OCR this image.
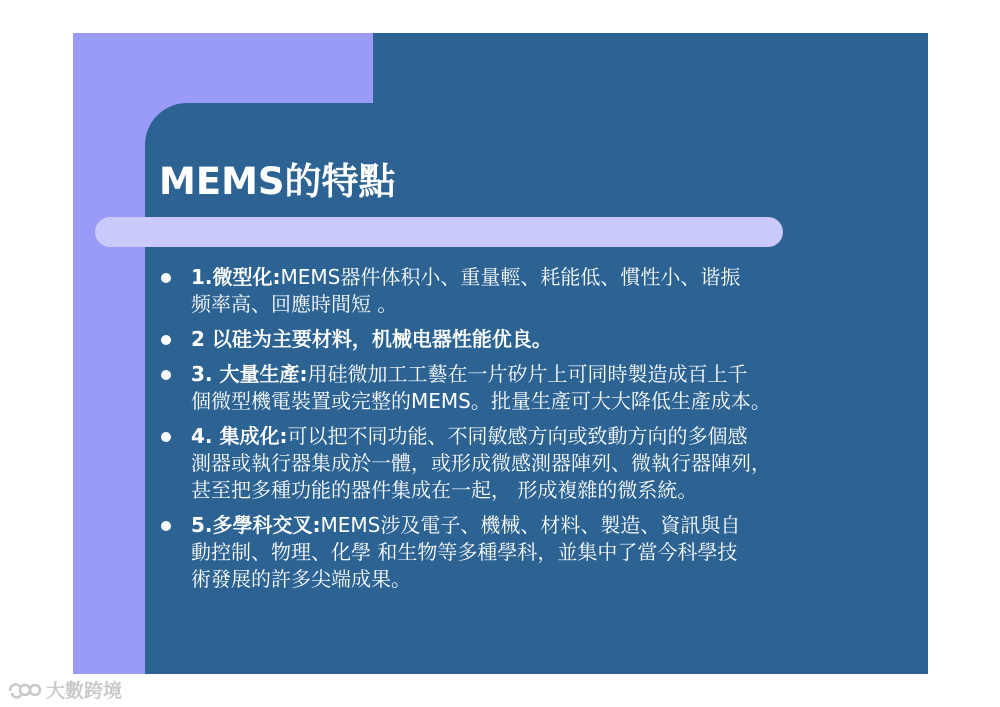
MEMS的特點
1.微型化:MEMS器件体积小、重量輕、耗能低、慣性小、谐振
频率高、回應時間短 。
2 以硅为主要材料，机械电器性能优良。
3. 大量生產:用硅微加工工藝在一片矽片上可同時製造成百上千
個微型機電裝置或完整的MEMS。批量生產可大大降低生產成本。
4. 集成化:可以把不同功能、不同敏感方向或致動方向的多個感
測器或執行器集成於一體，或形成微感測器陣列、微執行器陣列，
甚至把多種功能的器件集成在一起， 形成複雜的微系統。
5.多學科交叉:MEMS涉及電子、機械、材料、製造、資訊與自
動控制、物理、化學 和生物等多種學科，並集中了當今科學技
術發展的許多尖端成果。
大數跨境
